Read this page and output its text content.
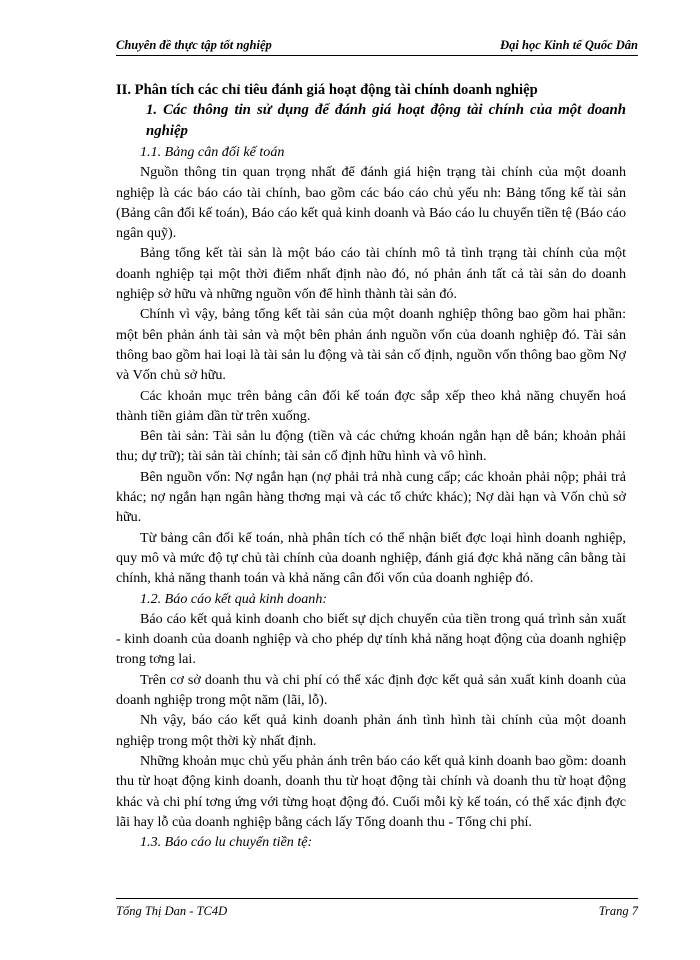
Chuyên đề thực tập tốt nghiệp	Đại học Kinh tế Quốc Dân

II. Phân tích các chỉ tiêu đánh giá hoạt động tài chính doanh nghiệp

1. Các thông tin sử dụng để đánh giá hoạt động tài chính của một doanh nghiệp

1.1. Bảng cân đối kế toán

Nguồn thông tin quan trọng nhất để đánh giá hiện trạng tài chính của một doanh nghiệp là các báo cáo tài chính, bao gồm các báo cáo chủ yếu nh: Bảng tổng kế tài sản (Bảng cân đối kế toán), Báo cáo kết quả kinh doanh và Báo cáo lu chuyển tiền tệ (Báo cáo ngân quỹ).

Bảng tổng kết tài sản là một báo cáo tài chính mô tả tình trạng tài chính của một doanh nghiệp tại một thời điểm nhất định nào đó, nó phản ánh tất cả tài sản do doanh nghiệp sở hữu và những nguồn vốn để hình thành tài sản đó.

Chính vì vậy, bảng tổng kết tài sản của một doanh nghiệp thông bao gồm hai phần: một bên phản ánh tài sản và một bên phản ánh nguồn vốn của doanh nghiệp đó. Tài sản thông bao gồm hai loại là tài sản lu động và tài sản cố định, nguồn vốn thông bao gồm Nợ và Vốn chủ sở hữu.

Các khoản mục trên bảng cân đối kế toán đợc sắp xếp theo khả năng chuyển hoá thành tiền giảm dần từ trên xuống.

Bên tài sản: Tài sản lu động (tiền và các chứng khoán ngắn hạn dễ bán; khoản phải thu; dự trữ); tài sản tài chính; tài sản cố định hữu hình và vô hình.

Bên nguồn vốn: Nợ ngắn hạn (nợ phải trả nhà cung cấp; các khoản phải nộp; phải trả khác; nợ ngắn hạn ngân hàng thơng mại và các tổ chức khác); Nợ dài hạn và Vốn chủ sở hữu.

Từ bảng cân đối kế toán, nhà phân tích có thể nhận biết đợc loại hình doanh nghiệp, quy mô và mức độ tự chủ tài chính của doanh nghiệp, đánh giá đợc khả năng cân bằng tài chính, khả năng thanh toán và khả năng cân đối vốn của doanh nghiệp đó.

1.2. Báo cáo kết quả kinh doanh:

Báo cáo kết quả kinh doanh cho biết sự dịch chuyển của tiền trong quá trình sản xuất - kinh doanh của doanh nghiệp và cho phép dự tính khả năng hoạt động của doanh nghiệp trong tơng lai.

Trên cơ sở doanh thu và chi phí có thể xác định đợc kết quả sản xuất kinh doanh của doanh nghiệp trong một năm (lãi, lỗ).

Nh vậy, báo cáo kết quả kinh doanh phản ánh tình hình tài chính của một doanh nghiệp trong một thời kỳ nhất định.

Những khoản mục chủ yếu phản ánh trên báo cáo kết quả kinh doanh bao gồm: doanh thu từ hoạt động kinh doanh, doanh thu từ hoạt động tài chính và doanh thu từ hoạt động khác và chi phí tơng ứng với từng hoạt động đó. Cuối mỗi kỳ kế toán, có thể xác định đợc lãi hay lỗ của doanh nghiệp bằng cách lấy Tổng doanh thu - Tổng chi phí.

1.3. Báo cáo lu chuyển tiền tệ:

Tống Thị Dan - TC4D	Trang 7
